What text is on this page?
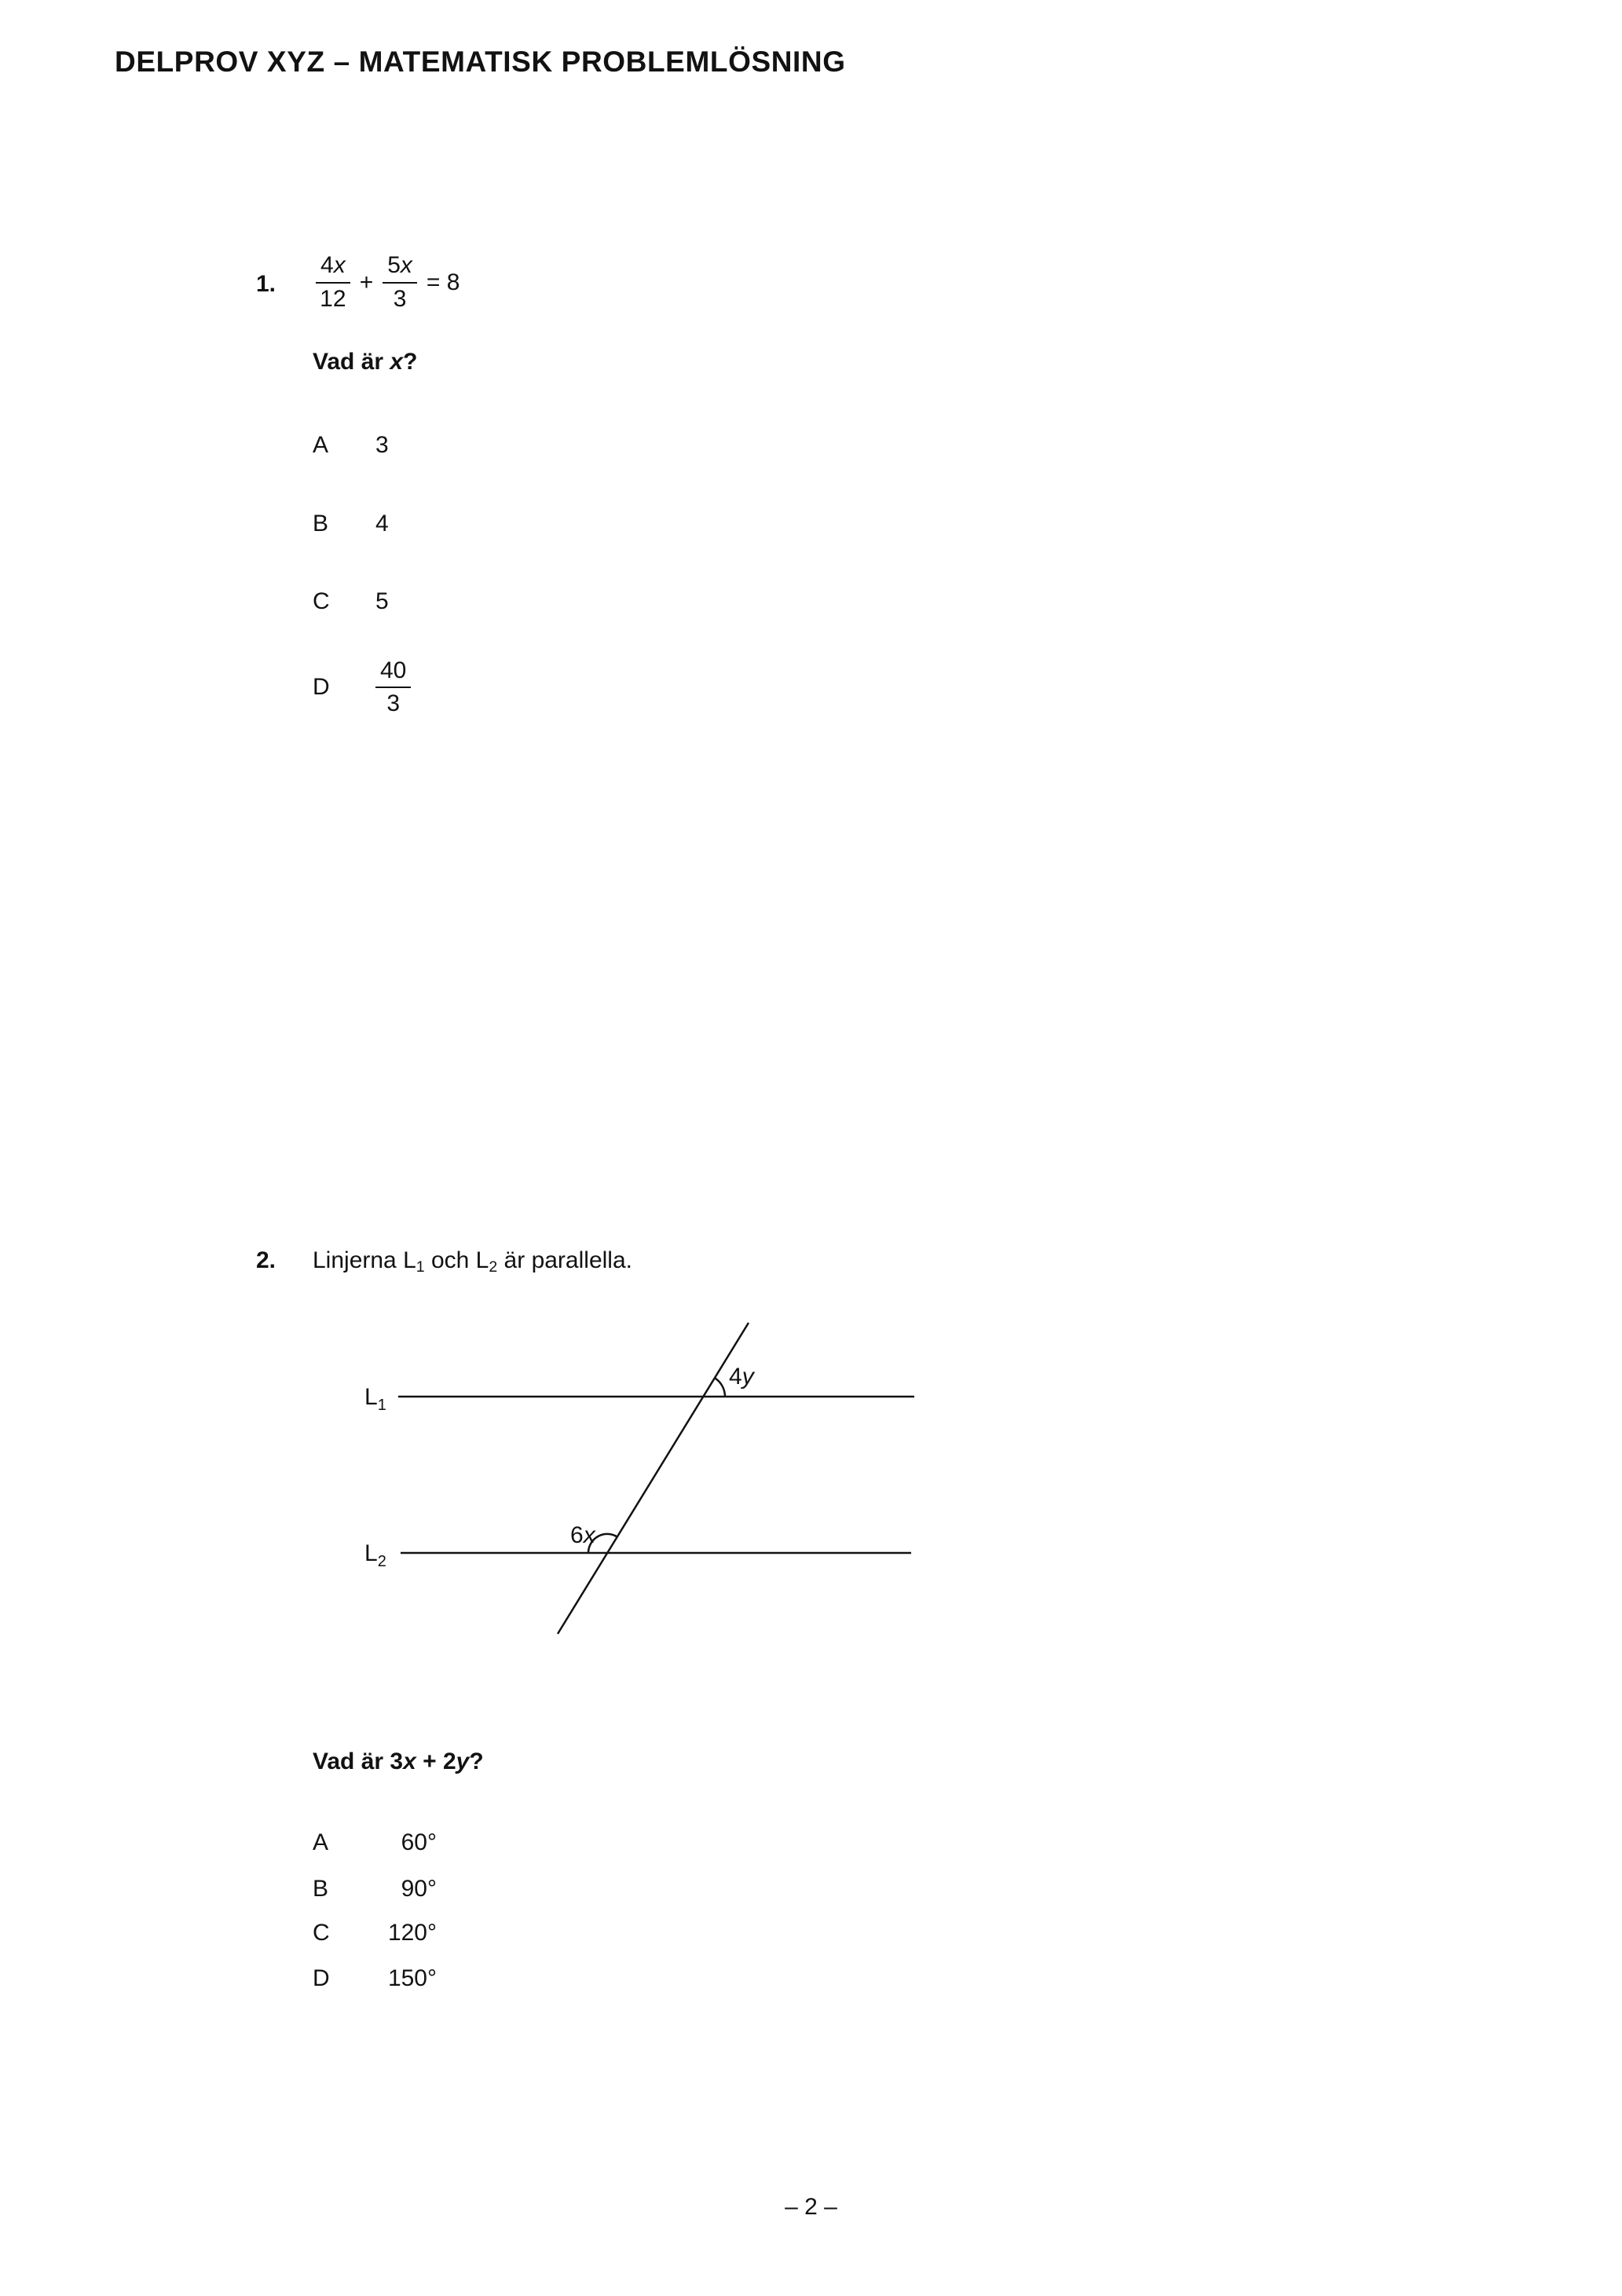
DELPROV XYZ – MATEMATISK PROBLEMLÖSNING
1. $\frac{4x}{12} + \frac{5x}{3} = 8$
Vad är x?
A	3
B	4
C	5
D	$\frac{40}{3}$
2. Linjerna L1 och L2 är parallella.
$L_1$
$L_2$
4y
6x
Vad är 3x + 2y?
A	60°
B	90°
C	120°
D	150°
– 2 –
